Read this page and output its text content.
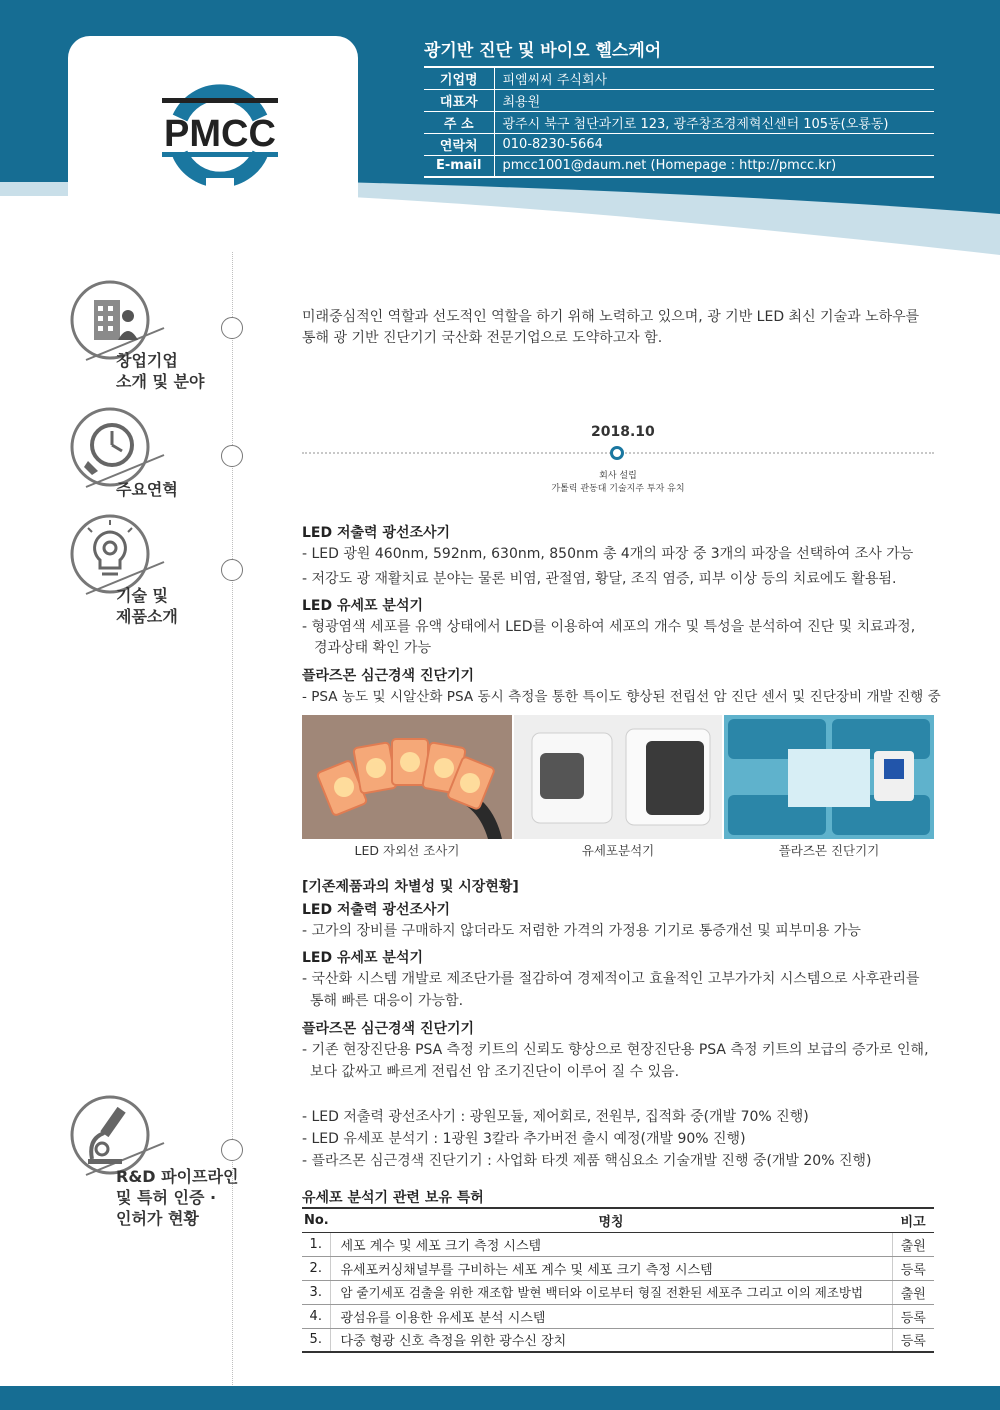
PMCC
광기반 진단 및 바이오 헬스케어
기업명	피엠씨씨 주식회사
대표자	최용원
주 소	광주시 북구 첨단과기로 123, 광주창조경제혁신센터 105동(오룡동)
연락처	010-8230-5664
E-mail	pmcc1001@daum.net (Homepage : http://pmcc.kr)
창업기업
소개 및 분야
주요연혁
기술 및
제품소개
R&D 파이프라인
및 특허 인증 ·
인허가 현황
미래중심적인 역할과 선도적인 역할을 하기 위해 노력하고 있으며, 광 기반 LED 최신 기술과 노하우를
통해 광 기반 진단기기 국산화 전문기업으로 도약하고자 함.
2018.10
회사 설립
가톨릭 관동대 기술지주 투자 유치
LED 저출력 광선조사기
- LED 광원 460nm, 592nm, 630nm, 850nm 총 4개의 파장 중 3개의 파장을 선택하여 조사 가능
- 저강도 광 재활치료 분야는 물론 비염, 관절염, 황달, 조직 염증, 피부 이상 등의 치료에도 활용됨.
LED 유세포 분석기
- 형광염색 세포를 유액 상태에서 LED를 이용하여 세포의 개수 및 특성을 분석하여 진단 및 치료과정,
경과상태 확인 가능
플라즈몬 심근경색 진단기기
- PSA 농도 및 시알산화 PSA 동시 측정을 통한 특이도 향상된 전립선 암 진단 센서 및 진단장비 개발 진행 중
LED 자외선 조사기	유세포분석기	플라즈몬 진단기기
[기존제품과의 차별성 및 시장현황]
LED 저출력 광선조사기
- 고가의 장비를 구매하지 않더라도 저렴한 가격의 가정용 기기로 통증개선 및 피부미용 가능
LED 유세포 분석기
- 국산화 시스템 개발로 제조단가를 절감하여 경제적이고 효율적인 고부가가치 시스템으로 사후관리를
통해 빠른 대응이 가능함.
플라즈몬 심근경색 진단기기
- 기존 현장진단용 PSA 측정 키트의 신뢰도 향상으로 현장진단용 PSA 측정 키트의 보급의 증가로 인해,
보다 값싸고 빠르게 전립선 암 조기진단이 이루어 질 수 있음.
- LED 저출력 광선조사기 : 광원모듈, 제어회로, 전원부, 집적화 중(개발 70% 진행)
- LED 유세포 분석기 : 1광원 3칼라 추가버전 출시 예정(개발 90% 진행)
- 플라즈몬 심근경색 진단기기 : 사업화 타겟 제품 핵심요소 기술개발 진행 중(개발 20% 진행)
유세포 분석기 관련 보유 특허
No.	명칭	비고
1.	세포 계수 및 세포 크기 측정 시스템	출원
2.	유세포커싱채널부를 구비하는 세포 계수 및 세포 크기 측정 시스템	등록
3.	암 줄기세포 검출을 위한 재조합 발현 백터와 이로부터 형질 전환된 세포주 그리고 이의 제조방법	출원
4.	광섬유를 이용한 유세포 분석 시스템	등록
5.	다중 형광 신호 측정을 위한 광수신 장치	등록
